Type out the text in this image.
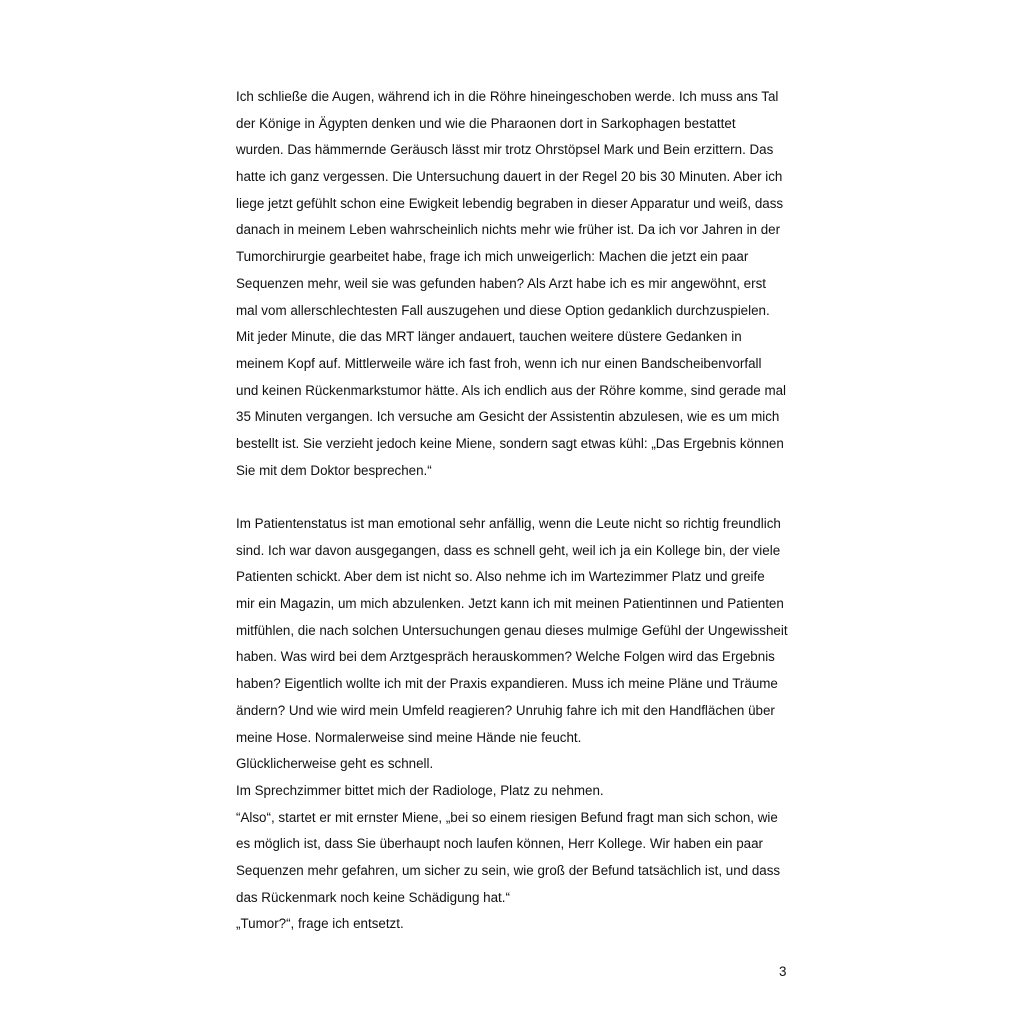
Ich schließe die Augen, während ich in die Röhre hineingeschoben werde. Ich muss ans Tal
der Könige in Ägypten denken und wie die Pharaonen dort in Sarkophagen bestattet
wurden. Das hämmernde Geräusch lässt mir trotz Ohrstöpsel Mark und Bein erzittern. Das
hatte ich ganz vergessen. Die Untersuchung dauert in der Regel 20 bis 30 Minuten. Aber ich
liege jetzt gefühlt schon eine Ewigkeit lebendig begraben in dieser Apparatur und weiß, dass
danach in meinem Leben wahrscheinlich nichts mehr wie früher ist. Da ich vor Jahren in der
Tumorchirurgie gearbeitet habe, frage ich mich unweigerlich: Machen die jetzt ein paar
Sequenzen mehr, weil sie was gefunden haben? Als Arzt habe ich es mir angewöhnt, erst
mal vom allerschlechtesten Fall auszugehen und diese Option gedanklich durchzuspielen.
Mit jeder Minute, die das MRT länger andauert, tauchen weitere düstere Gedanken in
meinem Kopf auf. Mittlerweile wäre ich fast froh, wenn ich nur einen Bandscheibenvorfall
und keinen Rückenmarkstumor hätte. Als ich endlich aus der Röhre komme, sind gerade mal
35 Minuten vergangen. Ich versuche am Gesicht der Assistentin abzulesen, wie es um mich
bestellt ist. Sie verzieht jedoch keine Miene, sondern sagt etwas kühl: „Das Ergebnis können
Sie mit dem Doktor besprechen.“
Im Patientenstatus ist man emotional sehr anfällig, wenn die Leute nicht so richtig freundlich
sind. Ich war davon ausgegangen, dass es schnell geht, weil ich ja ein Kollege bin, der viele
Patienten schickt. Aber dem ist nicht so. Also nehme ich im Wartezimmer Platz und greife
mir ein Magazin, um mich abzulenken. Jetzt kann ich mit meinen Patientinnen und Patienten
mitfühlen, die nach solchen Untersuchungen genau dieses mulmige Gefühl der Ungewissheit
haben. Was wird bei dem Arztgespräch herauskommen? Welche Folgen wird das Ergebnis
haben? Eigentlich wollte ich mit der Praxis expandieren. Muss ich meine Pläne und Träume
ändern? Und wie wird mein Umfeld reagieren? Unruhig fahre ich mit den Handflächen über
meine Hose. Normalerweise sind meine Hände nie feucht.
Glücklicherweise geht es schnell.
Im Sprechzimmer bittet mich der Radiologe, Platz zu nehmen.
“Also“, startet er mit ernster Miene, „bei so einem riesigen Befund fragt man sich schon, wie
es möglich ist, dass Sie überhaupt noch laufen können, Herr Kollege. Wir haben ein paar
Sequenzen mehr gefahren, um sicher zu sein, wie groß der Befund tatsächlich ist, und dass
das Rückenmark noch keine Schädigung hat.“
„Tumor?“, frage ich entsetzt.
3
